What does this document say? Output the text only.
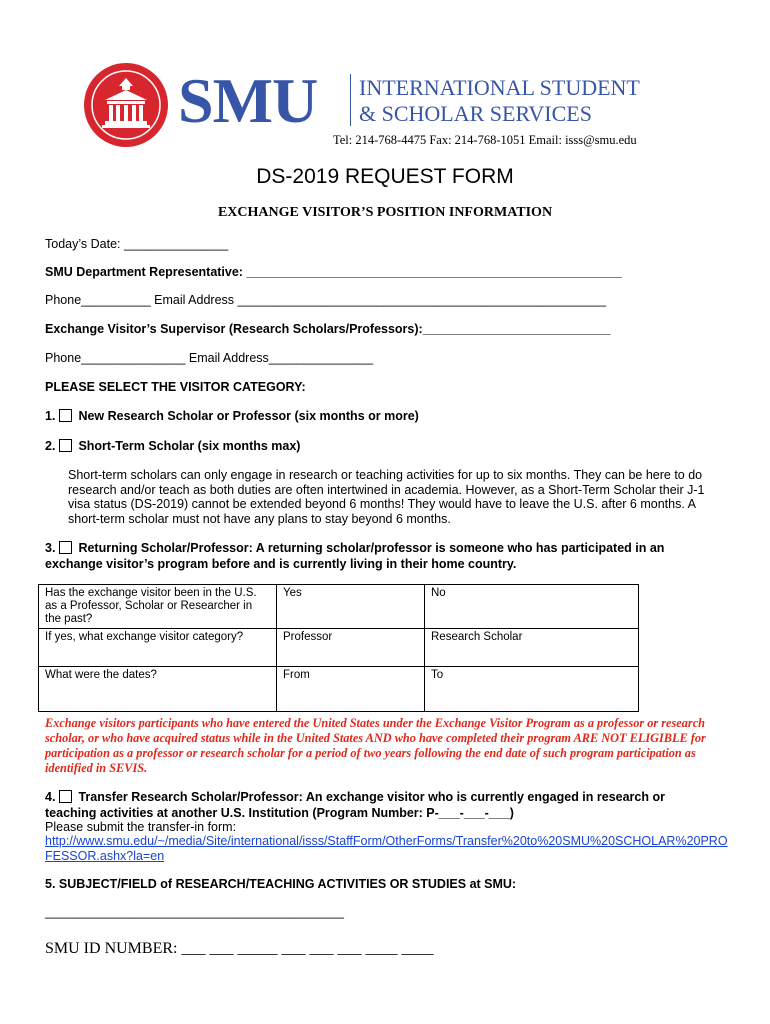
SMU INTERNATIONAL STUDENT
& SCHOLAR SERVICES
Tel: 214-768-4475 Fax: 214-768-1051 Email: isss@smu.edu
DS-2019 REQUEST FORM
EXCHANGE VISITOR’S POSITION INFORMATION
Today’s Date: _______________
SMU Department Representative: ______________________________________________________
Phone__________ Email Address _____________________________________________________
Exchange Visitor’s Supervisor (Research Scholars/Professors):___________________________
Phone_______________ Email Address_______________
PLEASE SELECT THE VISITOR CATEGORY:
1. New Research Scholar or Professor (six months or more)
2. Short-Term Scholar (six months max)
Short-term scholars can only engage in research or teaching activities for up to six months. They can be here to do research and/or teach as both duties are often intertwined in academia. However, as a Short-Term Scholar their J-1 visa status (DS-2019) cannot be extended beyond 6 months! They would have to leave the U.S. after 6 months. A short-term scholar must not have any plans to stay beyond 6 months.
3. Returning Scholar/Professor: A returning scholar/professor is someone who has participated in an exchange visitor’s program before and is currently living in their home country.
Has the exchange visitor been in the U.S. as a Professor, Scholar or Researcher in the past?	Yes	No
If yes, what exchange visitor category?	Professor	Research Scholar
What were the dates?	From	To
Exchange visitors participants who have entered the United States under the Exchange Visitor Program as a professor or research scholar, or who have acquired status while in the United States AND who have completed their program ARE NOT ELIGIBLE for participation as a professor or research scholar for a period of two years following the end date of such program participation as identified in SEVIS.
4. Transfer Research Scholar/Professor: An exchange visitor who is currently engaged in research or teaching activities at another U.S. Institution (Program Number: P-___-___-___)
Please submit the transfer-in form:
http://www.smu.edu/~/media/Site/international/isss/StaffForm/OtherForms/Transfer%20to%20SMU%20SCHOLAR%20PROFESSOR.ashx?la=en
5. SUBJECT/FIELD of RESEARCH/TEACHING ACTIVITIES OR STUDIES at SMU:
___________________________________________
SMU ID NUMBER: ___ ___ _____ ___ ___ ___ ____ ____
